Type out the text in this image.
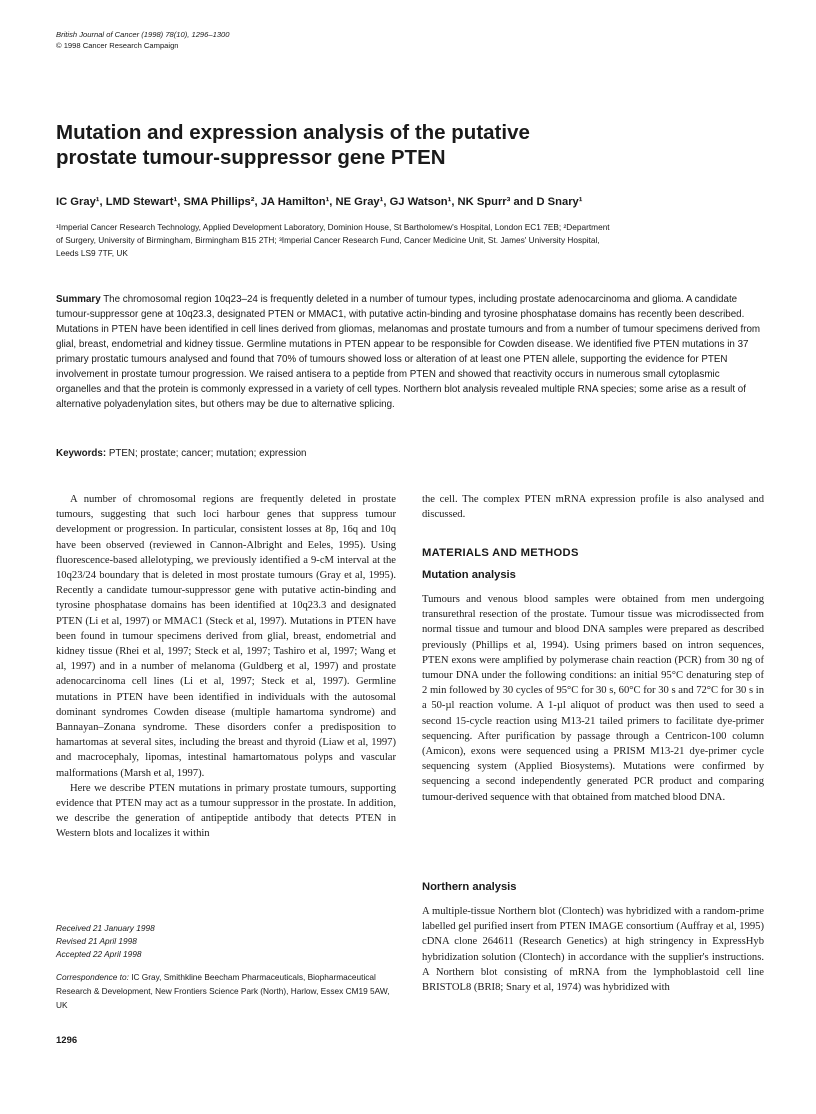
British Journal of Cancer (1998) 78(10), 1296–1300
© 1998 Cancer Research Campaign
Mutation and expression analysis of the putative
prostate tumour-suppressor gene PTEN
IC Gray¹, LMD Stewart¹, SMA Phillips², JA Hamilton¹, NE Gray¹, GJ Watson¹, NK Spurr³ and D Snary¹
¹Imperial Cancer Research Technology, Applied Development Laboratory, Dominion House, St Bartholomew's Hospital, London EC1 7EB; ²Department
of Surgery, University of Birmingham, Birmingham B15 2TH; ³Imperial Cancer Research Fund, Cancer Medicine Unit, St. James' University Hospital,
Leeds LS9 7TF, UK
Summary The chromosomal region 10q23–24 is frequently deleted in a number of tumour types, including prostate adenocarcinoma and glioma. A candidate tumour-suppressor gene at 10q23.3, designated PTEN or MMAC1, with putative actin-binding and tyrosine phosphatase domains has recently been described. Mutations in PTEN have been identified in cell lines derived from gliomas, melanomas and prostate tumours and from a number of tumour specimens derived from glial, breast, endometrial and kidney tissue. Germline mutations in PTEN appear to be responsible for Cowden disease. We identified five PTEN mutations in 37 primary prostatic tumours analysed and found that 70% of tumours showed loss or alteration of at least one PTEN allele, supporting the evidence for PTEN involvement in prostate tumour progression. We raised antisera to a peptide from PTEN and showed that reactivity occurs in numerous small cytoplasmic organelles and that the protein is commonly expressed in a variety of cell types. Northern blot analysis revealed multiple RNA species; some arise as a result of alternative polyadenylation sites, but others may be due to alternative splicing.
Keywords: PTEN; prostate; cancer; mutation; expression

A number of chromosomal regions are frequently deleted in prostate tumours, suggesting that such loci harbour genes that suppress tumour development or progression. In particular, consistent losses at 8p, 16q and 10q have been observed (reviewed in Cannon-Albright and Eeles, 1995). Using fluorescence-based allelotyping, we previously identified a 9-cM interval at the 10q23/24 boundary that is deleted in most prostate tumours (Gray et al, 1995). Recently a candidate tumour-suppressor gene with putative actin-binding and tyrosine phosphatase domains has been identified at 10q23.3 and designated PTEN (Li et al, 1997) or MMAC1 (Steck et al, 1997). Mutations in PTEN have been found in tumour specimens derived from glial, breast, endometrial and kidney tissue (Rhei et al, 1997; Steck et al, 1997; Tashiro et al, 1997; Wang et al, 1997) and in a number of melanoma (Guldberg et al, 1997) and prostate adenocarcinoma cell lines (Li et al, 1997; Steck et al, 1997). Germline mutations in PTEN have been identified in individuals with the autosomal dominant syndromes Cowden disease (multiple hamartoma syndrome) and Bannayan–Zonana syndrome. These disorders confer a predisposition to hamartomas at several sites, including the breast and thyroid (Liaw et al, 1997) and macrocephaly, lipomas, intestinal hamartomatous polyps and vascular malformations (Marsh et al, 1997).

Here we describe PTEN mutations in primary prostate tumours, supporting evidence that PTEN may act as a tumour suppressor in the prostate. In addition, we describe the generation of antipeptide antibody that detects PTEN in Western blots and localizes it within

Received 21 January 1998
Revised 21 April 1998
Accepted 22 April 1998
Correspondence to: IC Gray, Smithkline Beecham Pharmaceuticals, Biopharmaceutical Research & Development, New Frontiers Science Park (North), Harlow, Essex CM19 5AW, UK
1296

the cell. The complex PTEN mRNA expression profile is also analysed and discussed.

MATERIALS AND METHODS
Mutation analysis

Tumours and venous blood samples were obtained from men undergoing transurethral resection of the prostate. Tumour tissue was microdissected from normal tissue and tumour and blood DNA samples were prepared as described previously (Phillips et al, 1994). Using primers based on intron sequences, PTEN exons were amplified by polymerase chain reaction (PCR) from 30 ng of tumour DNA under the following conditions: an initial 95°C denaturing step of 2 min followed by 30 cycles of 95°C for 30 s, 60°C for 30 s and 72°C for 30 s in a 50-µl reaction volume. A 1-µl aliquot of product was then used to seed a second 15-cycle reaction using M13-21 tailed primers to facilitate dye-primer sequencing. After purification by passage through a Centricon-100 column (Amicon), exons were sequenced using a PRISM M13-21 dye-primer cycle sequencing system (Applied Biosystems). Mutations were confirmed by sequencing a second independently generated PCR product and comparing tumour-derived sequence with that obtained from matched blood DNA.

Northern analysis

A multiple-tissue Northern blot (Clontech) was hybridized with a random-prime labelled gel purified insert from PTEN IMAGE consortium (Auffray et al, 1995) cDNA clone 264611 (Research Genetics) at high stringency in ExpressHyb hybridization solution (Clontech) in accordance with the supplier's instructions. A Northern blot consisting of mRNA from the lymphoblastoid cell line BRISTOL8 (BRI8; Snary et al, 1974) was hybridized with
